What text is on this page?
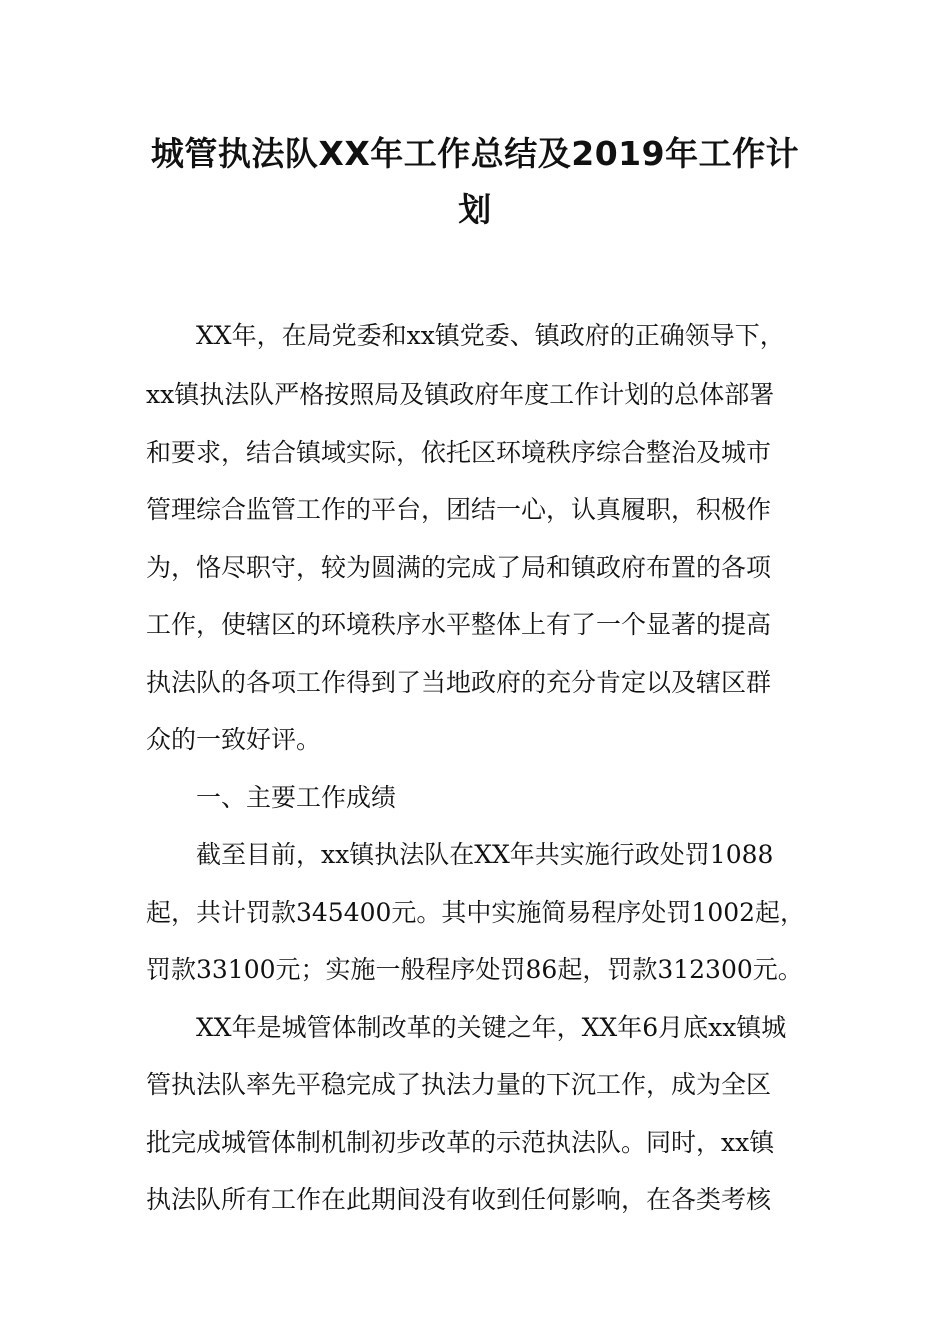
城管执法队XX年工作总结及2019年工作计
划

XX年，在局党委和xx镇党委、镇政府的正确领导下，

xx镇执法队严格按照局及镇政府年度工作计划的总体部署

和要求，结合镇域实际，依托区环境秩序综合整治及城市

管理综合监管工作的平台，团结一心，认真履职，积极作

为，恪尽职守，较为圆满的完成了局和镇政府布置的各项

工作，使辖区的环境秩序水平整体上有了一个显著的提高

执法队的各项工作得到了当地政府的充分肯定以及辖区群

众的一致好评。

一、主要工作成绩

截至目前，xx镇执法队在XX年共实施行政处罚1088

起，共计罚款345400元。其中实施简易程序处罚1002起，

罚款33100元；实施一般程序处罚86起，罚款312300元。

XX年是城管体制改革的关键之年，XX年6月底xx镇城

管执法队率先平稳完成了执法力量的下沉工作，成为全区

批完成城管体制机制初步改革的示范执法队。同时，xx镇

执法队所有工作在此期间没有收到任何影响，在各类考核
